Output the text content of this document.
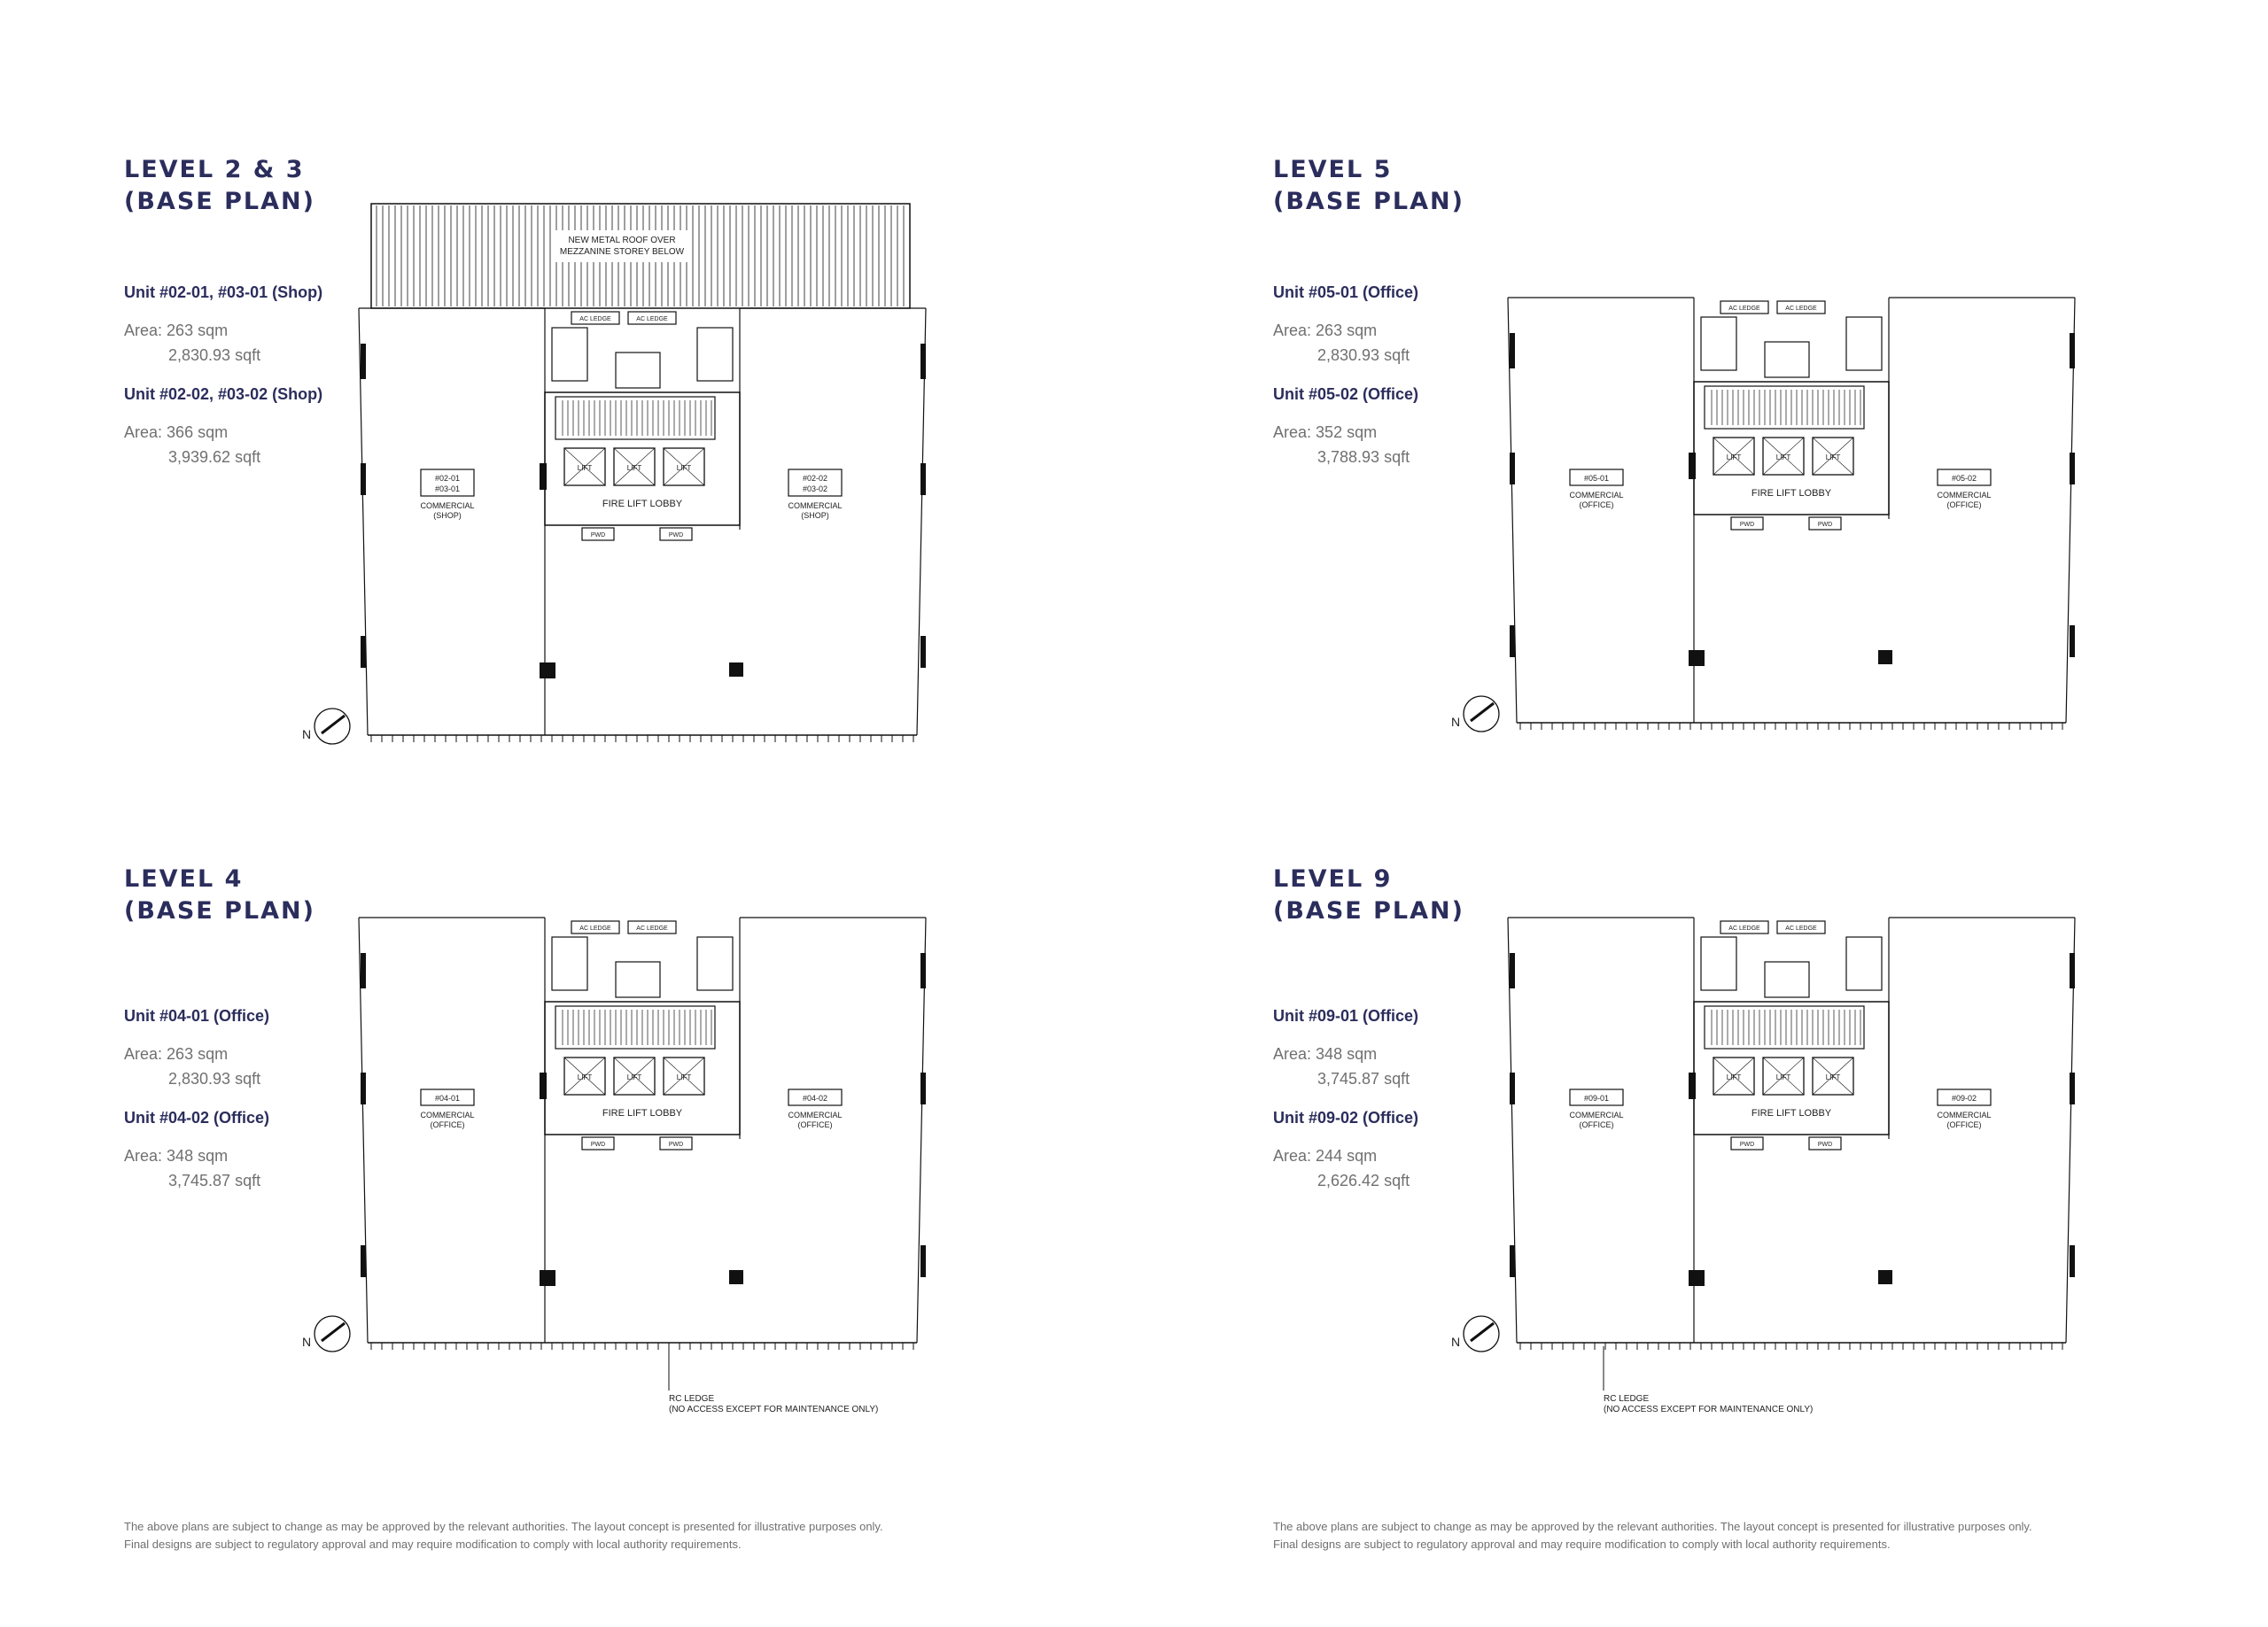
LEVEL 2 & 3
(BASE PLAN)

Unit #02-01, #03-01 (Shop)

Area: 263 sqm
2,830.93 sqft

Unit #02-02, #03-02 (Shop)

Area: 366 sqm
3,939.62 sqft

NEW METAL ROOF OVER
MEZZANINE STOREY BELOW
LIFT	LIFT	LIFT
FIRE LIFT LOBBY
AC LEDGE	AC LEDGE
PWD	PWD
#02-01
#03-01
COMMERCIAL
(SHOP)
#02-02
#03-02
COMMERCIAL
(SHOP)
N
LEVEL 5
(BASE PLAN)

Unit #05-01 (Office)

Area: 263 sqm
2,830.93 sqft

Unit #05-02 (Office)

Area: 352 sqm
3,788.93 sqft	LIFT	LIFT	LIFT
FIRE LIFT LOBBY
AC LEDGE	AC LEDGE
PWD	PWD
#05-01
COMMERCIAL
(OFFICE)
#05-02
COMMERCIAL
(OFFICE)
N
LEVEL 4
(BASE PLAN)

Unit #04-01 (Office)

Area: 263 sqm
2,830.93 sqft

Unit #04-02 (Office)

Area: 348 sqm
3,745.87 sqft

LIFT	LIFT	LIFT
FIRE LIFT LOBBY
AC LEDGE	AC LEDGE
PWD	PWD
#04-01
COMMERCIAL
(OFFICE)
#04-02
COMMERCIAL
(OFFICE)
N
RC LEDGE
(NO ACCESS EXCEPT FOR MAINTENANCE ONLY)
LEVEL 9
(BASE PLAN)

Unit #09-01 (Office)

Area: 348 sqm
3,745.87 sqft

Unit #09-02 (Office)

Area: 244 sqm
2,626.42 sqft

LIFT	LIFT	LIFT
FIRE LIFT LOBBY
AC LEDGE	AC LEDGE
PWD	PWD
#09-01
COMMERCIAL
(OFFICE)
#09-02
COMMERCIAL
(OFFICE)
N
RC LEDGE
(NO ACCESS EXCEPT FOR MAINTENANCE ONLY)

The above plans are subject to change as may be approved by the relevant authorities. The layout concept is presented for illustrative purposes only.
Final designs are subject to regulatory approval and may require modification to comply with local authority requirements.

The above plans are subject to change as may be approved by the relevant authorities. The layout concept is presented for illustrative purposes only.
Final designs are subject to regulatory approval and may require modification to comply with local authority requirements.
